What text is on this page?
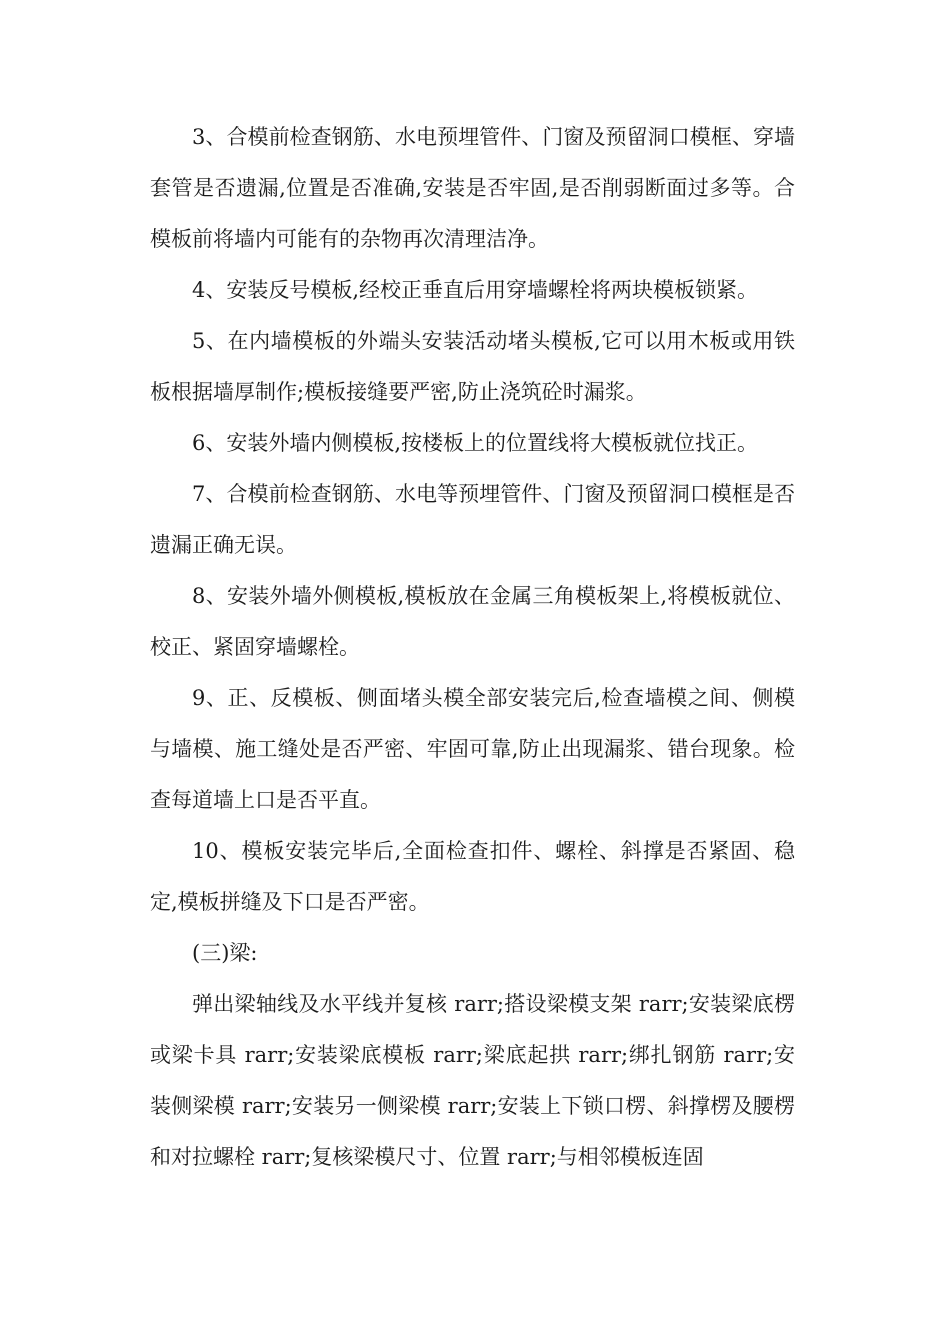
3、合模前检查钢筋、水电预埋管件、门窗及预留洞口模框、穿墙套管是否遗漏,位置是否准确,安装是否牢固,是否削弱断面过多等。合模板前将墙内可能有的杂物再次清理洁净。

4、安装反号模板,经校正垂直后用穿墙螺栓将两块模板锁紧。

5、在内墙模板的外端头安装活动堵头模板,它可以用木板或用铁板根据墙厚制作;模板接缝要严密,防止浇筑砼时漏浆。

6、安装外墙内侧模板,按楼板上的位置线将大模板就位找正。

7、合模前检查钢筋、水电等预埋管件、门窗及预留洞口模框是否遗漏正确无误。

8、安装外墙外侧模板,模板放在金属三角模板架上,将模板就位、校正、紧固穿墙螺栓。

9、正、反模板、侧面堵头模全部安装完后,检查墙模之间、侧模与墙模、施工缝处是否严密、牢固可靠,防止出现漏浆、错台现象。检查每道墙上口是否平直。

10、模板安装完毕后,全面检查扣件、螺栓、斜撑是否紧固、稳定,模板拼缝及下口是否严密。

(三)梁:

弹出梁轴线及水平线并复核 rarr;搭设梁模支架 rarr;安装梁底楞或梁卡具 rarr;安装梁底模板 rarr;梁底起拱 rarr;绑扎钢筋 rarr;安装侧梁模 rarr;安装另一侧梁模 rarr;安装上下锁口楞、斜撑楞及腰楞和对拉螺栓 rarr;复核梁模尺寸、位置 rarr;与相邻模板连固
